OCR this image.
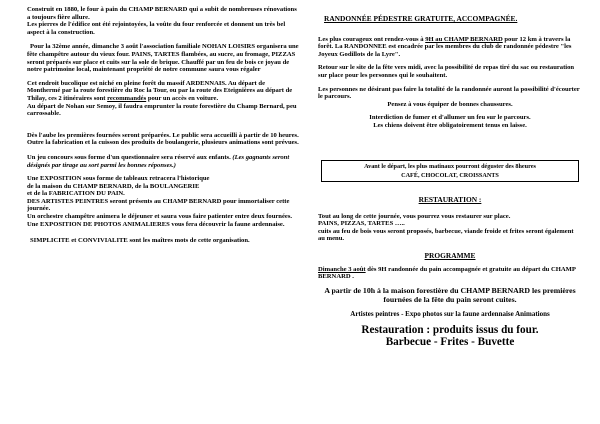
Construit en 1880, le four à pain du CHAMP BERNARD qui a subit de nombreuses rénovations a toujours fière allure.

Les pierres de l'édifice ont été rejointoyées, la voûte du four renforcée et donnent un très bel aspect à la construction.

Pour la 32ème année, dimanche 3 août l'association familiale NOHAN LOISIRS organisera une fête champêtre autour du vieux four. PAINS, TARTES flambées, au sucre, au fromage, PIZZAS seront préparés sur place et cuits sur la sole de brique. Chauffé par un feu de bois ce joyau de notre patrimoine local, maintenant propriété de notre commune saura vous régaler

Cet endroit bucolique est niché en pleine forêt du massif ARDENNAIS. Au départ de Monthermé par la route forestière du Roc la Tour, ou par la route des Eteignières au départ de Thilay, ces 2 itinéraires sont recommandés pour un accès en voiture.

Au départ de Nohan sur Semoy, il faudra emprunter la route forestière du Champ Bernard, peu carrossable.

Dès l'aube les premières fournées seront préparées. Le public sera accueilli à partir de 10 heures.

Outre la fabrication et la cuisson des produits de boulangerie, plusieurs animations sont prévues.

Un jeu concours sous forme d'un questionnaire sera réservé aux enfants. (Les gagnants seront désignés par tirage au sort parmi les bonnes réponses.)

Une EXPOSITION sous forme de tableaux retracera l'historique

de la maison du CHAMP BERNARD, de la BOULANGERIE

et de la FABRICATION DU PAIN.

DES ARTISTES PEINTRES seront présents au CHAMP BERNARD pour immortaliser cette journée.

Un orchestre champêtre animera le déjeuner et saura vous faire patienter entre deux fournées.

Une EXPOSITION DE PHOTOS ANIMALIERES vous fera découvrir la faune ardennaise.

SIMPLICITE et CONVIVIALITE sont les maîtres mots de cette organisation.

RANDONNÉE PÉDESTRE GRATUITE, ACCOMPAGNÉE.

Les plus courageux ont rendez-vous à 9H au CHAMP BERNARD pour 12 km à travers la forêt. La RANDONNEE est encadrée par les membres du club de randonnée pédestre "les Joyeux Godillots de la Lyre".

Retour sur le site de la fête vers midi, avec la possibilité de repas tiré du sac ou restauration sur place pour les personnes qui le souhaitent.

Les personnes ne désirant pas faire la totalité de la randonnée auront la possibilité d'écourter le parcours.

Pensez à vous équiper de bonnes chaussures.

Interdiction de fumer et d'allumer un feu sur le parcours.

Les chiens doivent être obligatoirement tenus en laisse.

Avant le départ, les plus matinaux pourront déguster des 8heures

CAFÉ, CHOCOLAT, CROISSANTS

RESTAURATION :

Tout au long de cette journée, vous pourrez vous restaurer sur place.

PAINS, PIZZAS, TARTES …..

cuits au feu de bois vous seront proposés, barbecue, viande froide et frites seront également au menu.

PROGRAMME

Dimanche 3 août dès 9H randonnée du pain accompagnée et gratuite au départ du CHAMP BERNARD .

A partir de 10h à la maison forestière du CHAMP BERNARD les premières fournées de la fête du pain seront cuites.

Artistes peintres - Expo photos sur la faune ardennaise Animations

Restauration : produits issus du four.

Barbecue - Frites - Buvette
